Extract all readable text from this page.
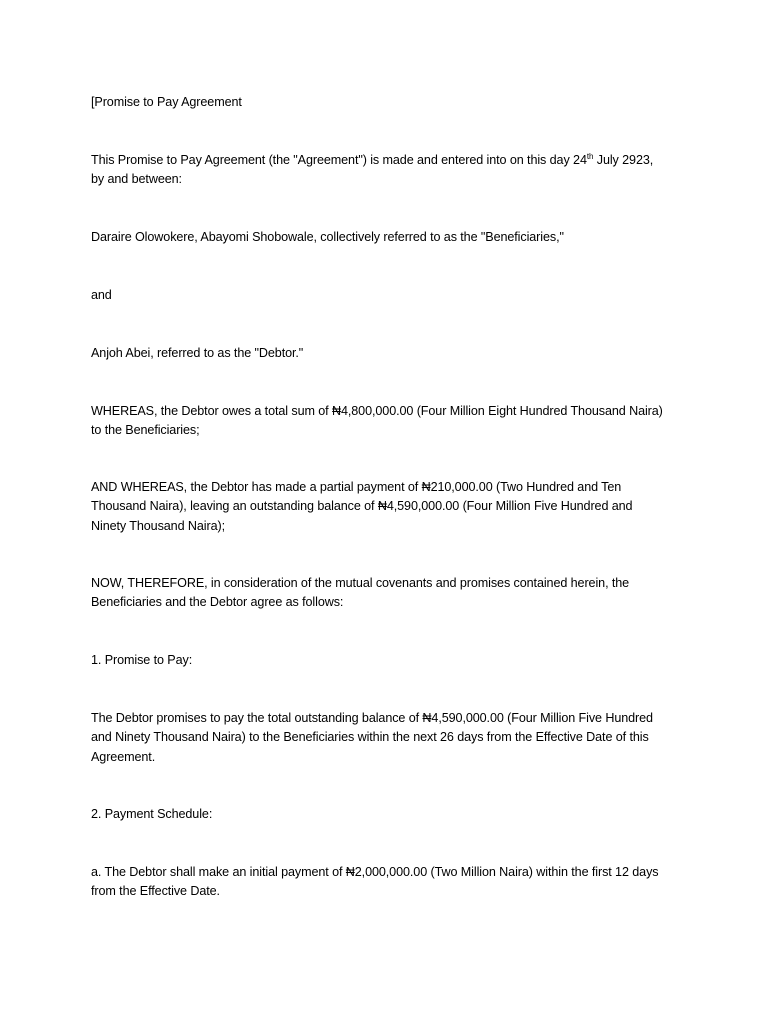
[Promise to Pay Agreement

This Promise to Pay Agreement (the "Agreement") is made and entered into on this day 24th July 2923,
by and between:

Daraire Olowokere, Abayomi Shobowale, collectively referred to as the "Beneficiaries,"

and

Anjoh Abei, referred to as the "Debtor."

WHEREAS, the Debtor owes a total sum of ₦4,800,000.00 (Four Million Eight Hundred Thousand Naira)
to the Beneficiaries;

AND WHEREAS, the Debtor has made a partial payment of ₦210,000.00 (Two Hundred and Ten
Thousand Naira), leaving an outstanding balance of ₦4,590,000.00 (Four Million Five Hundred and
Ninety Thousand Naira);

NOW, THEREFORE, in consideration of the mutual covenants and promises contained herein, the
Beneficiaries and the Debtor agree as follows:

1. Promise to Pay:

The Debtor promises to pay the total outstanding balance of ₦4,590,000.00 (Four Million Five Hundred
and Ninety Thousand Naira) to the Beneficiaries within the next 26 days from the Effective Date of this
Agreement.

2. Payment Schedule:

a. The Debtor shall make an initial payment of ₦2,000,000.00 (Two Million Naira) within the first 12 days
from the Effective Date.
